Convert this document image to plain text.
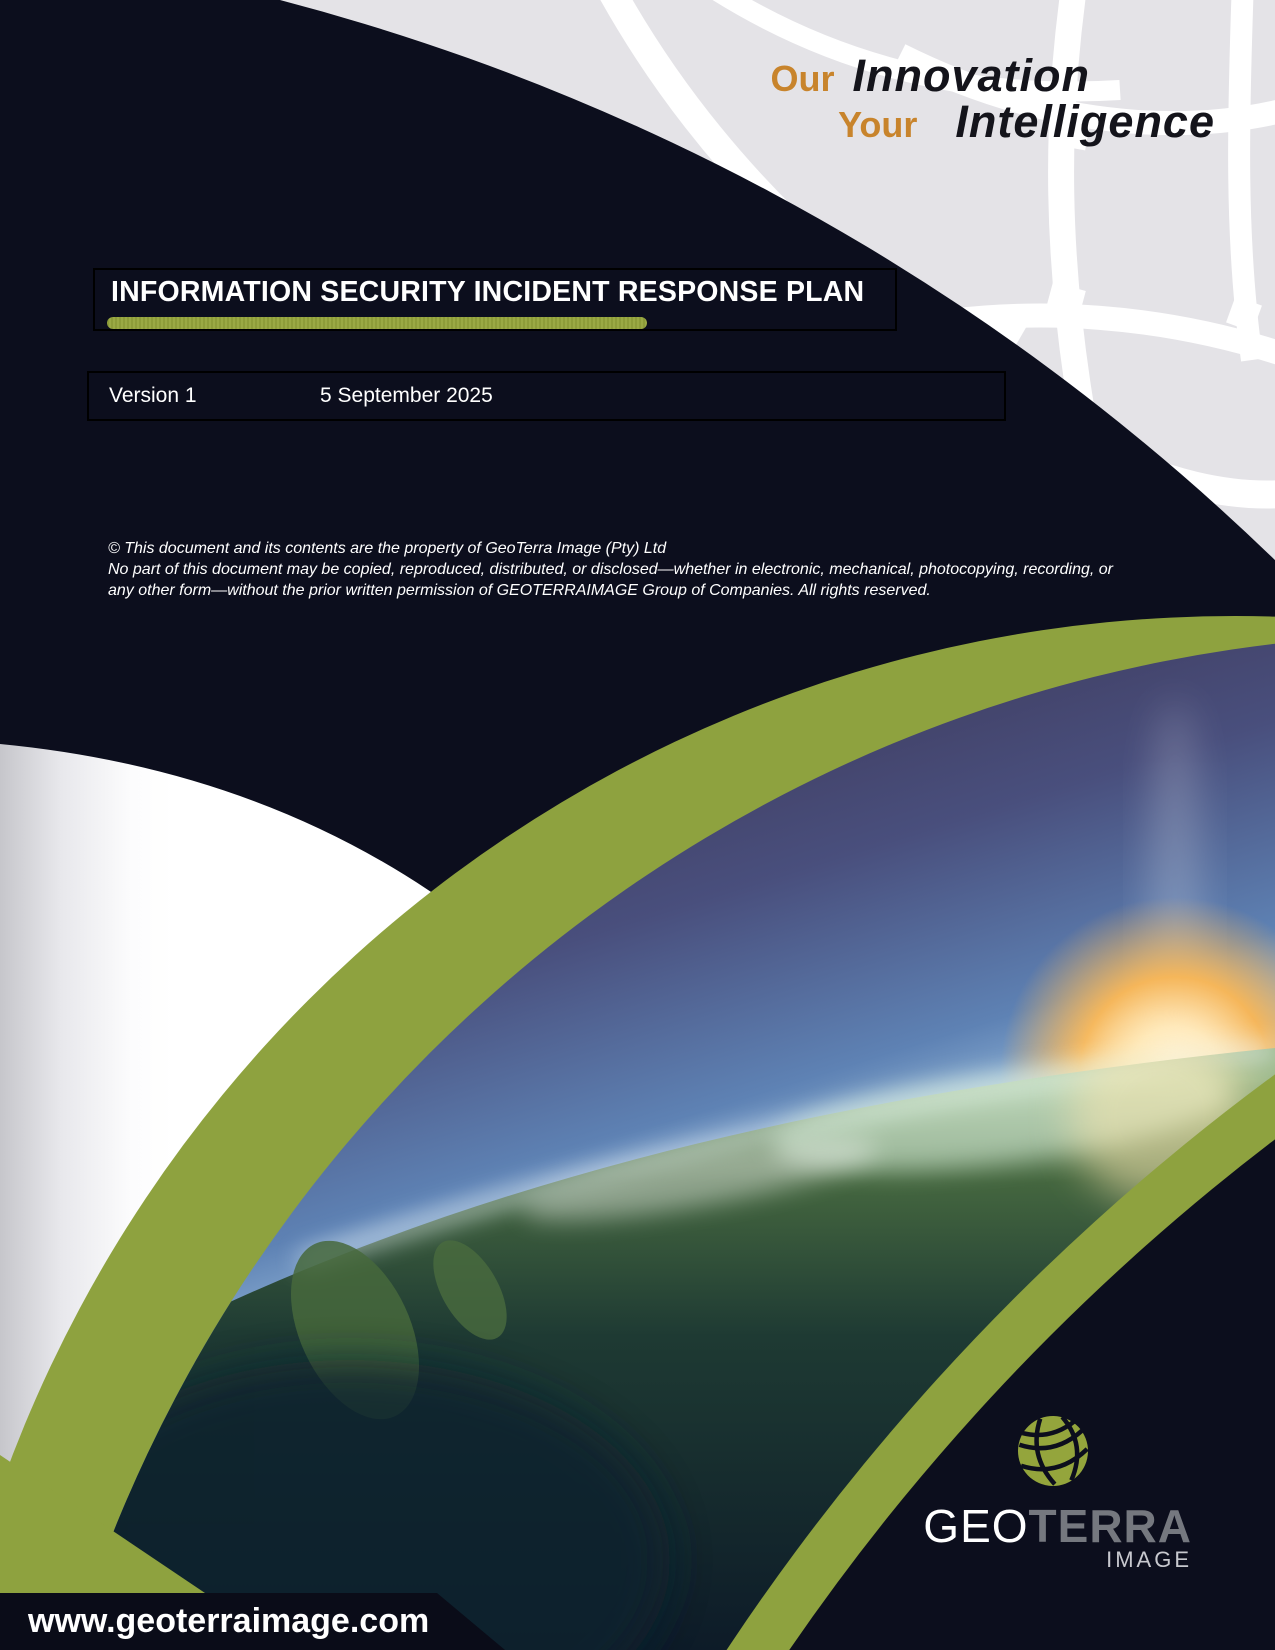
Our Innovation
Your Intelligence
INFORMATION SECURITY INCIDENT RESPONSE PLAN
Version 1	5 September 2025
© This document and its contents are the property of GeoTerra Image (Pty) Ltd
No part of this document may be copied, reproduced, distributed, or disclosed—whether in electronic, mechanical, photocopying, recording, or
any other form—without the prior written permission of GEOTERRAIMAGE Group of Companies. All rights reserved.
GEOTERRA
IMAGE
www.geoterraimage.com
